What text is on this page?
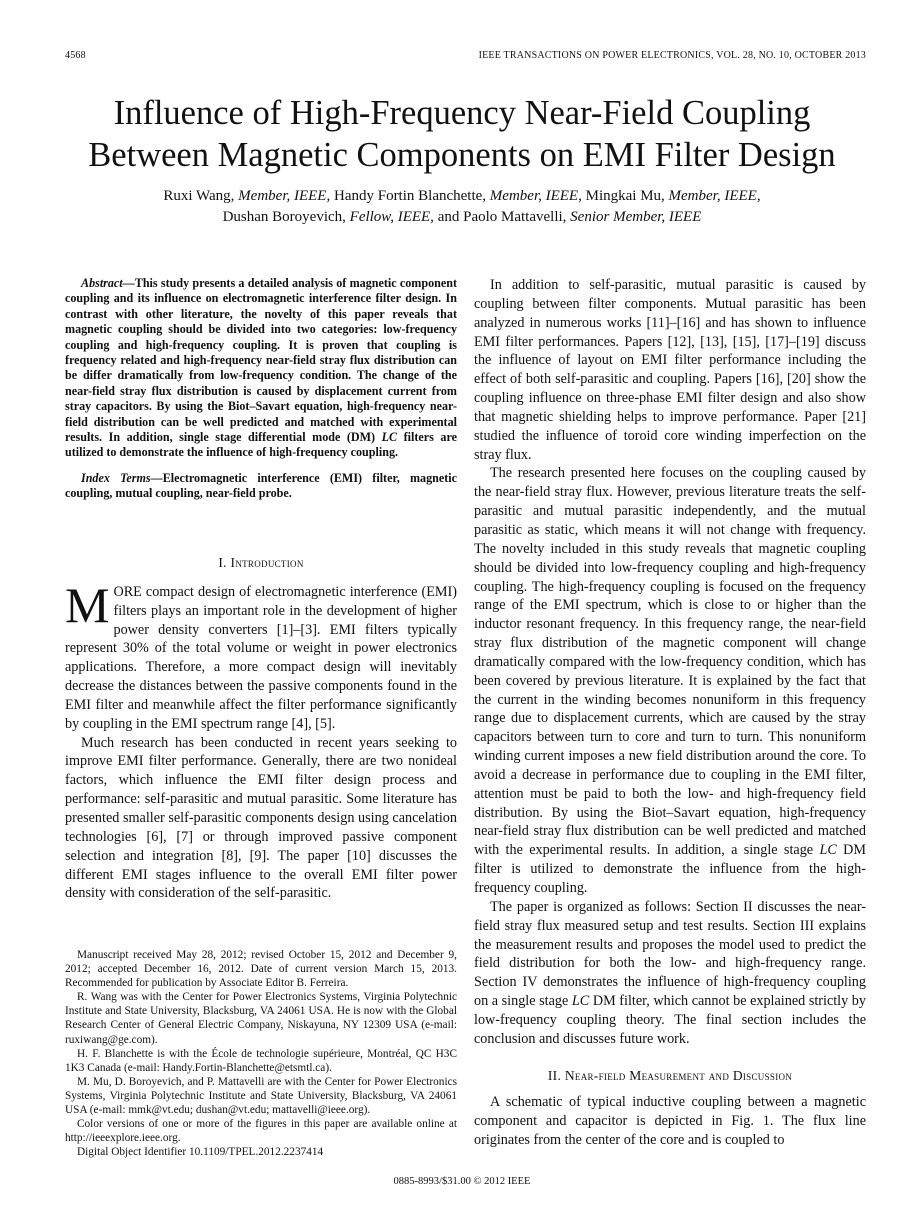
4568	IEEE TRANSACTIONS ON POWER ELECTRONICS, VOL. 28, NO. 10, OCTOBER 2013
Influence of High-Frequency Near-Field Coupling
Between Magnetic Components on EMI Filter Design
Ruxi Wang, Member, IEEE, Handy Fortin Blanchette, Member, IEEE, Mingkai Mu, Member, IEEE,
Dushan Boroyevich, Fellow, IEEE, and Paolo Mattavelli, Senior Member, IEEE

Abstract—This study presents a detailed analysis of magnetic component coupling and its influence on electromagnetic interference filter design. In contrast with other literature, the novelty of this paper reveals that magnetic coupling should be divided into two categories: low-frequency coupling and high-frequency coupling. It is proven that coupling is frequency related and high-frequency near-field stray flux distribution can be differ dramatically from low-frequency condition. The change of the near-field stray flux distribution is caused by displacement current from stray capacitors. By using the Biot–Savart equation, high-frequency near-field distribution can be well predicted and matched with experimental results. In addition, single stage differential mode (DM) LC filters are utilized to demonstrate the influence of high-frequency coupling.

Index Terms—Electromagnetic interference (EMI) filter, magnetic coupling, mutual coupling, near-field probe.

I. Introduction

MORE compact design of electromagnetic interference (EMI) filters plays an important role in the development of higher power density converters [1]–[3]. EMI filters typically represent 30% of the total volume or weight in power electronics applications. Therefore, a more compact design will inevitably decrease the distances between the passive components found in the EMI filter and meanwhile affect the filter performance significantly by coupling in the EMI spectrum range [4], [5].

Much research has been conducted in recent years seeking to improve EMI filter performance. Generally, there are two nonideal factors, which influence the EMI filter design process and performance: self-parasitic and mutual parasitic. Some literature has presented smaller self-parasitic components design using cancelation technologies [6], [7] or through improved passive component selection and integration [8], [9]. The paper [10] discusses the different EMI stages influence to the overall EMI filter power density with consideration of the self-parasitic.

Manuscript received May 28, 2012; revised October 15, 2012 and December 9, 2012; accepted December 16, 2012. Date of current version March 15, 2013. Recommended for publication by Associate Editor B. Ferreira.

R. Wang was with the Center for Power Electronics Systems, Virginia Polytechnic Institute and State University, Blacksburg, VA 24061 USA. He is now with the Global Research Center of General Electric Company, Niskayuna, NY 12309 USA (e-mail: ruxiwang@ge.com).

H. F. Blanchette is with the École de technologie supérieure, Montréal, QC H3C 1K3 Canada (e-mail: Handy.Fortin-Blanchette@etsmtl.ca).

M. Mu, D. Boroyevich, and P. Mattavelli are with the Center for Power Electronics Systems, Virginia Polytechnic Institute and State University, Blacksburg, VA 24061 USA (e-mail: mmk@vt.edu; dushan@vt.edu; mattavelli@ieee.org).

Color versions of one or more of the figures in this paper are available online at http://ieeexplore.ieee.org.

Digital Object Identifier 10.1109/TPEL.2012.2237414

In addition to self-parasitic, mutual parasitic is caused by coupling between filter components. Mutual parasitic has been analyzed in numerous works [11]–[16] and has shown to influence EMI filter performances. Papers [12], [13], [15], [17]–[19] discuss the influence of layout on EMI filter performance including the effect of both self-parasitic and coupling. Papers [16], [20] show the coupling influence on three-phase EMI filter design and also show that magnetic shielding helps to improve performance. Paper [21] studied the influence of toroid core winding imperfection on the stray flux.

The research presented here focuses on the coupling caused by the near-field stray flux. However, previous literature treats the self-parasitic and mutual parasitic independently, and the mutual parasitic as static, which means it will not change with frequency. The novelty included in this study reveals that magnetic coupling should be divided into low-frequency coupling and high-frequency coupling. The high-frequency coupling is focused on the frequency range of the EMI spectrum, which is close to or higher than the inductor resonant frequency. In this frequency range, the near-field stray flux distribution of the magnetic component will change dramatically compared with the low-frequency condition, which has been covered by previous literature. It is explained by the fact that the current in the winding becomes nonuniform in this frequency range due to displacement currents, which are caused by the stray capacitors between turn to core and turn to turn. This nonuniform winding current imposes a new field distribution around the core. To avoid a decrease in performance due to coupling in the EMI filter, attention must be paid to both the low- and high-frequency field distribution. By using the Biot–Savart equation, high-frequency near-field stray flux distribution can be well predicted and matched with the experimental results. In addition, a single stage LC DM filter is utilized to demonstrate the influence from the high-frequency coupling.

The paper is organized as follows: Section II discusses the near-field stray flux measured setup and test results. Section III explains the measurement results and proposes the model used to predict the field distribution for both the low- and high-frequency range. Section IV demonstrates the influence of high-frequency coupling on a single stage LC DM filter, which cannot be explained strictly by low-frequency coupling theory. The final section includes the conclusion and discusses future work.

II. Near-field Measurement and Discussion

A schematic of typical inductive coupling between a magnetic component and capacitor is depicted in Fig. 1. The flux line originates from the center of the core and is coupled to

0885-8993/$31.00 © 2012 IEEE
